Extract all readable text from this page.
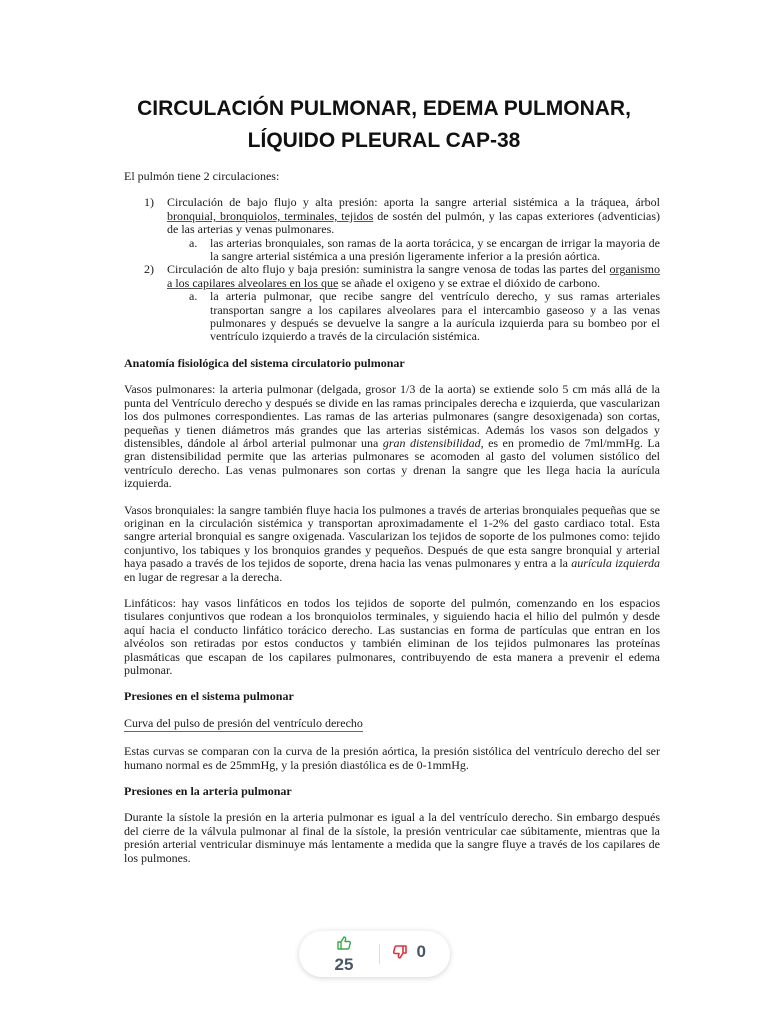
CIRCULACIÓN PULMONAR, EDEMA PULMONAR, LÍQUIDO PLEURAL CAP-38

El pulmón tiene 2 circulaciones:

1) Circulación de bajo flujo y alta presión: aporta la sangre arterial sistémica a la tráquea, árbol bronquial, bronquiolos, terminales, tejidos de sostén del pulmón, y las capas exteriores (adventicias) de las arterias y venas pulmonares.
a. las arterias bronquiales, son ramas de la aorta torácica, y se encargan de irrigar la mayoria de la sangre arterial sistémica a una presión ligeramente inferior a la presión aórtica.
2) Circulación de alto flujo y baja presión: suministra la sangre venosa de todas las partes del organismo a los capilares alveolares en los que se añade el oxigeno y se extrae el dióxido de carbono.
a. la arteria pulmonar, que recibe sangre del ventrículo derecho, y sus ramas arteriales transportan sangre a los capilares alveolares para el intercambio gaseoso y a las venas pulmonares y después se devuelve la sangre a la aurícula izquierda para su bombeo por el ventrículo izquierdo a través de la circulación sistémica.

Anatomía fisiológica del sistema circulatorio pulmonar

Vasos pulmonares: la arteria pulmonar (delgada, grosor 1/3 de la aorta) se extiende solo 5 cm más allá de la punta del Ventrículo derecho y después se divide en las ramas principales derecha e izquierda, que vascularizan los dos pulmones correspondientes. Las ramas de las arterias pulmonares (sangre desoxigenada) son cortas, pequeñas y tienen diámetros más grandes que las arterias sistémicas. Además los vasos son delgados y distensibles, dándole al árbol arterial pulmonar una gran distensibilidad, es en promedio de 7ml/mmHg. La gran distensibilidad permite que las arterias pulmonares se acomoden al gasto del volumen sistólico del ventrículo derecho. Las venas pulmonares son cortas y drenan la sangre que les llega hacia la aurícula izquierda.

Vasos bronquiales: la sangre también fluye hacia los pulmones a través de arterias bronquiales pequeñas que se originan en la circulación sistémica y transportan aproximadamente el 1-2% del gasto cardiaco total. Esta sangre arterial bronquial es sangre oxigenada. Vascularizan los tejidos de soporte de los pulmones como: tejido conjuntivo, los tabiques y los bronquios grandes y pequeños. Después de que esta sangre bronquial y arterial haya pasado a través de los tejidos de soporte, drena hacia las venas pulmonares y entra a la aurícula izquierda en lugar de regresar a la derecha.

Linfáticos: hay vasos linfáticos en todos los tejidos de soporte del pulmón, comenzando en los espacios tisulares conjuntivos que rodean a los bronquiolos terminales, y siguiendo hacia el hilio del pulmón y desde aquí hacia el conducto linfático torácico derecho. Las sustancias en forma de partículas que entran en los alvéolos son retiradas por estos conductos y también eliminan de los tejidos pulmonares las proteínas plasmáticas que escapan de los capilares pulmonares, contribuyendo de esta manera a prevenir el edema pulmonar.

Presiones en el sistema pulmonar

Curva del pulso de presión del ventrículo derecho

Estas curvas se comparan con la curva de la presión aórtica, la presión sistólica del ventrículo derecho del ser humano normal es de 25mmHg, y la presión diastólica es de 0-1mmHg.

Presiones en la arteria pulmonar

Durante la sístole la presión en la arteria pulmonar es igual a la del ventrículo derecho. Sin embargo después del cierre de la válvula pulmonar al final de la sístole, la presión ventricular cae súbitamente, mientras que la presión arterial ventricular disminuye más lentamente a medida que la sangre fluye a través de los capilares de los pulmones.

25
0
